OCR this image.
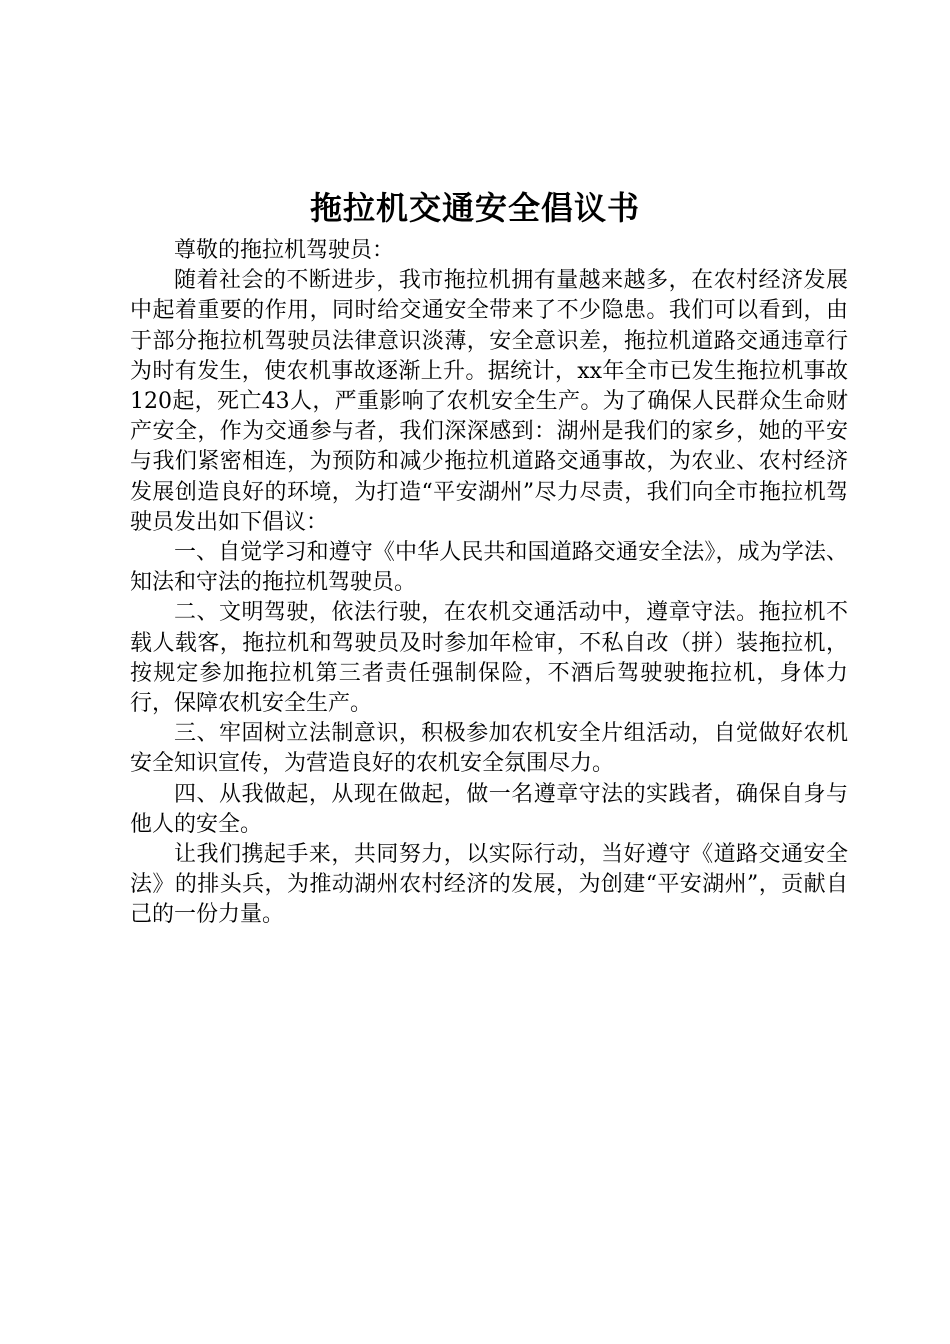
拖拉机交通安全倡议书

尊敬的拖拉机驾驶员：

随着社会的不断进步，我市拖拉机拥有量越来越多，在农村经济发展中起着重要的作用，同时给交通安全带来了不少隐患。我们可以看到，由于部分拖拉机驾驶员法律意识淡薄，安全意识差，拖拉机道路交通违章行为时有发生，使农机事故逐渐上升。据统计，xx年全市已发生拖拉机事故120起，死亡43人，严重影响了农机安全生产。为了确保人民群众生命财产安全，作为交通参与者，我们深深感到：湖州是我们的家乡，她的平安与我们紧密相连，为预防和减少拖拉机道路交通事故，为农业、农村经济发展创造良好的环境，为打造“平安湖州”尽力尽责，我们向全市拖拉机驾驶员发出如下倡议：

一、自觉学习和遵守《中华人民共和国道路交通安全法》，成为学法、知法和守法的拖拉机驾驶员。

二、文明驾驶，依法行驶，在农机交通活动中，遵章守法。拖拉机不载人载客，拖拉机和驾驶员及时参加年检审，不私自改（拼）装拖拉机，按规定参加拖拉机第三者责任强制保险，不酒后驾驶驶拖拉机，身体力行，保障农机安全生产。

三、牢固树立法制意识，积极参加农机安全片组活动，自觉做好农机安全知识宣传，为营造良好的农机安全氛围尽力。

四、从我做起，从现在做起，做一名遵章守法的实践者，确保自身与他人的安全。

让我们携起手来，共同努力，以实际行动，当好遵守《道路交通安全法》的排头兵，为推动湖州农村经济的发展，为创建“平安湖州”，贡献自己的一份力量。
